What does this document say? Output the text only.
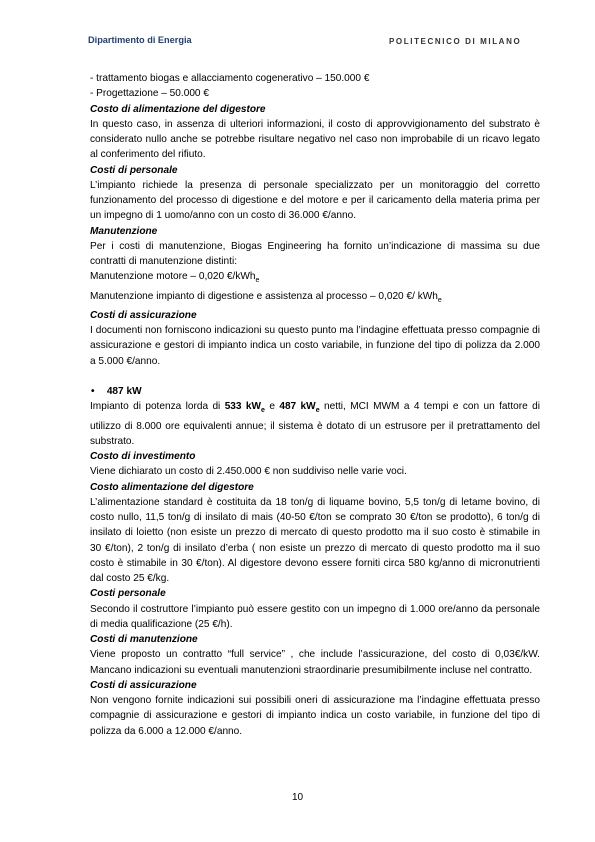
Dipartimento di Energia	POLITECNICO DI MILANO

- trattamento biogas e allacciamento cogenerativo – 150.000 €

- Progettazione – 50.000 €

Costo di alimentazione del digestore

In questo caso, in assenza di ulteriori informazioni, il costo di approvvigionamento del substrato è considerato nullo anche se potrebbe risultare negativo nel caso non improbabile di un ricavo legato al conferimento del rifiuto.

Costi di personale

L’impianto richiede la presenza di personale specializzato per un monitoraggio del corretto funzionamento del processo di digestione e del motore e per il caricamento della materia prima per un impegno di 1 uomo/anno con un costo di 36.000 €/anno.

Manutenzione

Per i costi di manutenzione, Biogas Engineering ha fornito un’indicazione di massima su due contratti di manutenzione distinti:

Manutenzione motore – 0,020 €/kWh$_e$

Manutenzione impianto di digestione e assistenza al processo – 0,020 €/ kWh$_e$

Costi di assicurazione

I documenti non forniscono indicazioni su questo punto ma l’indagine effettuata presso compagnie di assicurazione e gestori di impianto indica un costo variabile, in funzione del tipo di polizza da 2.000 a 5.000 €/anno.

• 487 kW

Impianto di potenza lorda di 533 $kW_e$ e 487 $kW_e$ netti, MCI MWM a 4 tempi e con un fattore di utilizzo di 8.000 ore equivalenti annue; il sistema è dotato di un estrusore per il pretrattamento del substrato.

Costo di investimento

Viene dichiarato un costo di 2.450.000 € non suddiviso nelle varie voci.

Costo alimentazione del digestore

L’alimentazione standard è costituita da 18 ton/g di liquame bovino, 5,5 ton/g di letame bovino, di costo nullo, 11,5 ton/g di insilato di mais (40-50 €/ton se comprato 30 €/ton se prodotto), 6 ton/g di insilato di loietto (non esiste un prezzo di mercato di questo prodotto ma il suo costo è stimabile in 30 €/ton), 2 ton/g di insilato d’erba ( non esiste un prezzo di mercato di questo prodotto ma il suo costo è stimabile in 30 €/ton). Al digestore devono essere forniti circa 580 kg/anno di micronutrienti dal costo 25 €/kg.

Costi personale

Secondo il costruttore l’impianto può essere gestito con un impegno di 1.000 ore/anno da personale di media qualificazione (25 €/h).

Costi di manutenzione

Viene proposto un contratto “full service” , che include l’assicurazione, del costo di 0,03€/kW. Mancano indicazioni su eventuali manutenzioni straordinarie presumibilmente incluse nel contratto.

Costi di assicurazione

Non vengono fornite indicazioni sui possibili oneri di assicurazione ma l’indagine effettuata presso compagnie di assicurazione e gestori di impianto indica un costo variabile, in funzione del tipo di polizza da 6.000 a 12.000 €/anno.

10
